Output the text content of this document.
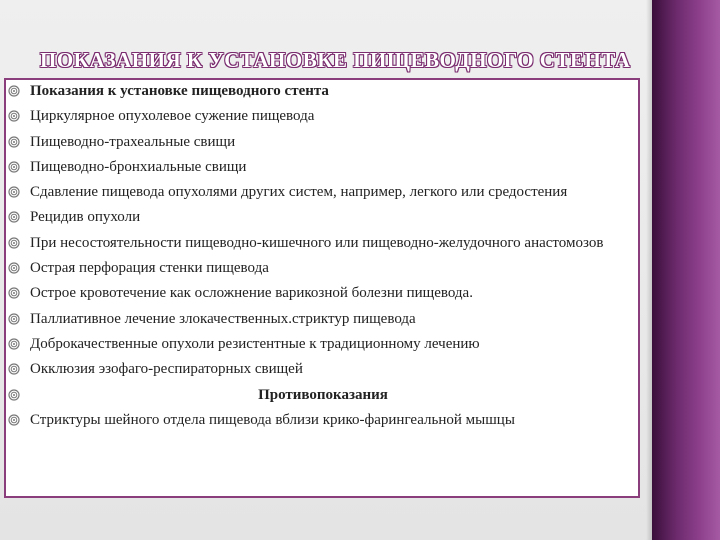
ПОКАЗАНИЯ К УСТАНОВКЕ ПИЩЕВОДНОГО СТЕНТА
Показания к установке пищеводного стента
Циркулярное опухолевое сужение пищевода
Пищеводно-трахеальные свищи
Пищеводно-бронхиальные свищи
Сдавление пищевода опухолями других систем, например, легкого или средостения
Рецидив опухоли
При несостоятельности пищеводно-кишечного или пищеводно-желудочного анастомозов
Острая перфорация стенки пищевода
Острое кровотечение как осложнение варикозной болезни пищевода.
Паллиативное лечение злокачественных.стриктур пищевода
Доброкачественные опухоли резистентные к традиционному лечению
Окклюзия эзофаго-респираторных свищей
Противопоказания
Стриктуры шейного отдела пищевода вблизи крико-фарингеальной мышцы
